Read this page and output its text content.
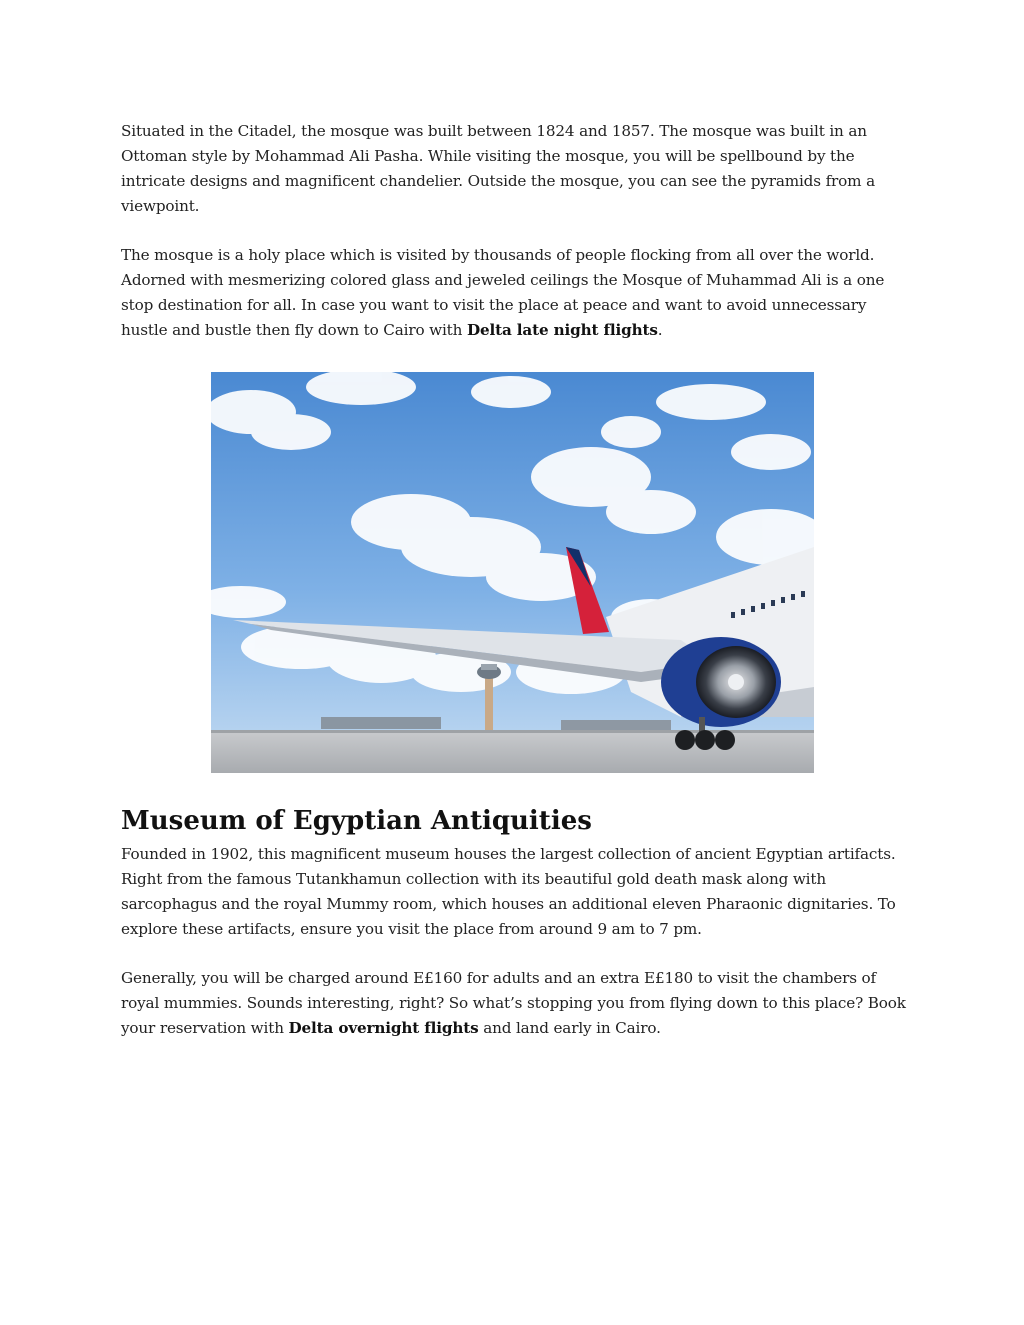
Situated in the Citadel, the mosque was built between 1824 and 1857. The mosque was built in an Ottoman style by Mohammad Ali Pasha. While visiting the mosque, you will be spellbound by the intricate designs and magnificent chandelier. Outside the mosque, you can see the pyramids from a viewpoint.

The mosque is a holy place which is visited by thousands of people flocking from all over the world. Adorned with mesmerizing colored glass and jeweled ceilings the Mosque of Muhammad Ali is a one stop destination for all. In case you want to visit the place at peace and want to avoid unnecessary hustle and bustle then fly down to Cairo with Delta late night flights.

Museum of Egyptian Antiquities

Founded in 1902, this magnificent museum houses the largest collection of ancient Egyptian artifacts. Right from the famous Tutankhamun collection with its beautiful gold death mask along with sarcophagus and the royal Mummy room, which houses an additional eleven Pharaonic dignitaries. To explore these artifacts, ensure you visit the place from around 9 am to 7 pm.

Generally, you will be charged around E£160 for adults and an extra E£180 to visit the chambers of royal mummies. Sounds interesting, right? So what’s stopping you from flying down to this place? Book your reservation with Delta overnight flights and land early in Cairo.
